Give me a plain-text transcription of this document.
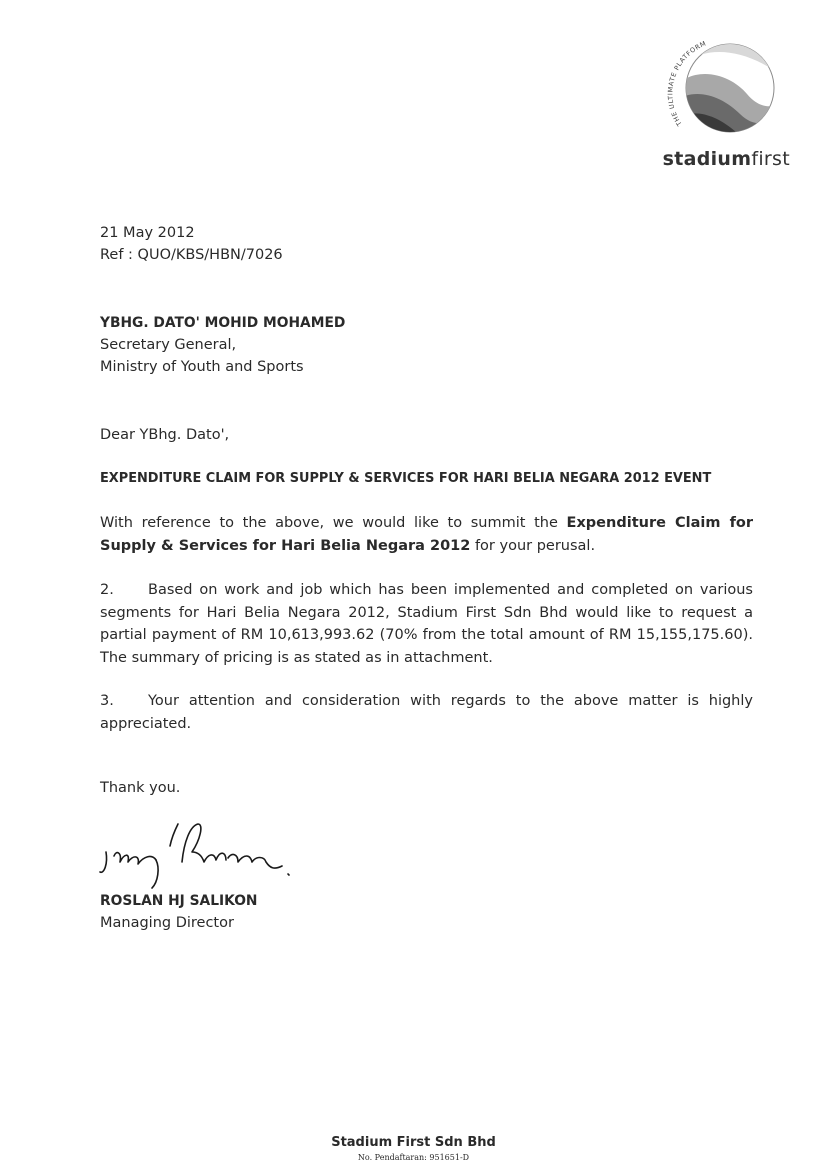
THE ULTIMATE PLATFORM
stadiumfirst
21 May 2012
Ref : QUO/KBS/HBN/7026
YBHG. DATO' MOHID MOHAMED
Secretary General,
Ministry of Youth and Sports
Dear YBhg. Dato',
EXPENDITURE CLAIM FOR SUPPLY & SERVICES FOR HARI BELIA NEGARA 2012 EVENT
With reference to the above, we would like to summit the Expenditure Claim for Supply & Services for Hari Belia Negara 2012 for your perusal.
2. Based on work and job which has been implemented and completed on various segments for Hari Belia Negara 2012, Stadium First Sdn Bhd would like to request a partial payment of RM 10,613,993.62 (70% from the total amount of RM 15,155,175.60). The summary of pricing is as stated as in attachment.
3. Your attention and consideration with regards to the above matter is highly appreciated.
Thank you.
ROSLAN HJ SALIKON
Managing Director
Stadium First Sdn Bhd
No. Pendaftaran: 951651-D
